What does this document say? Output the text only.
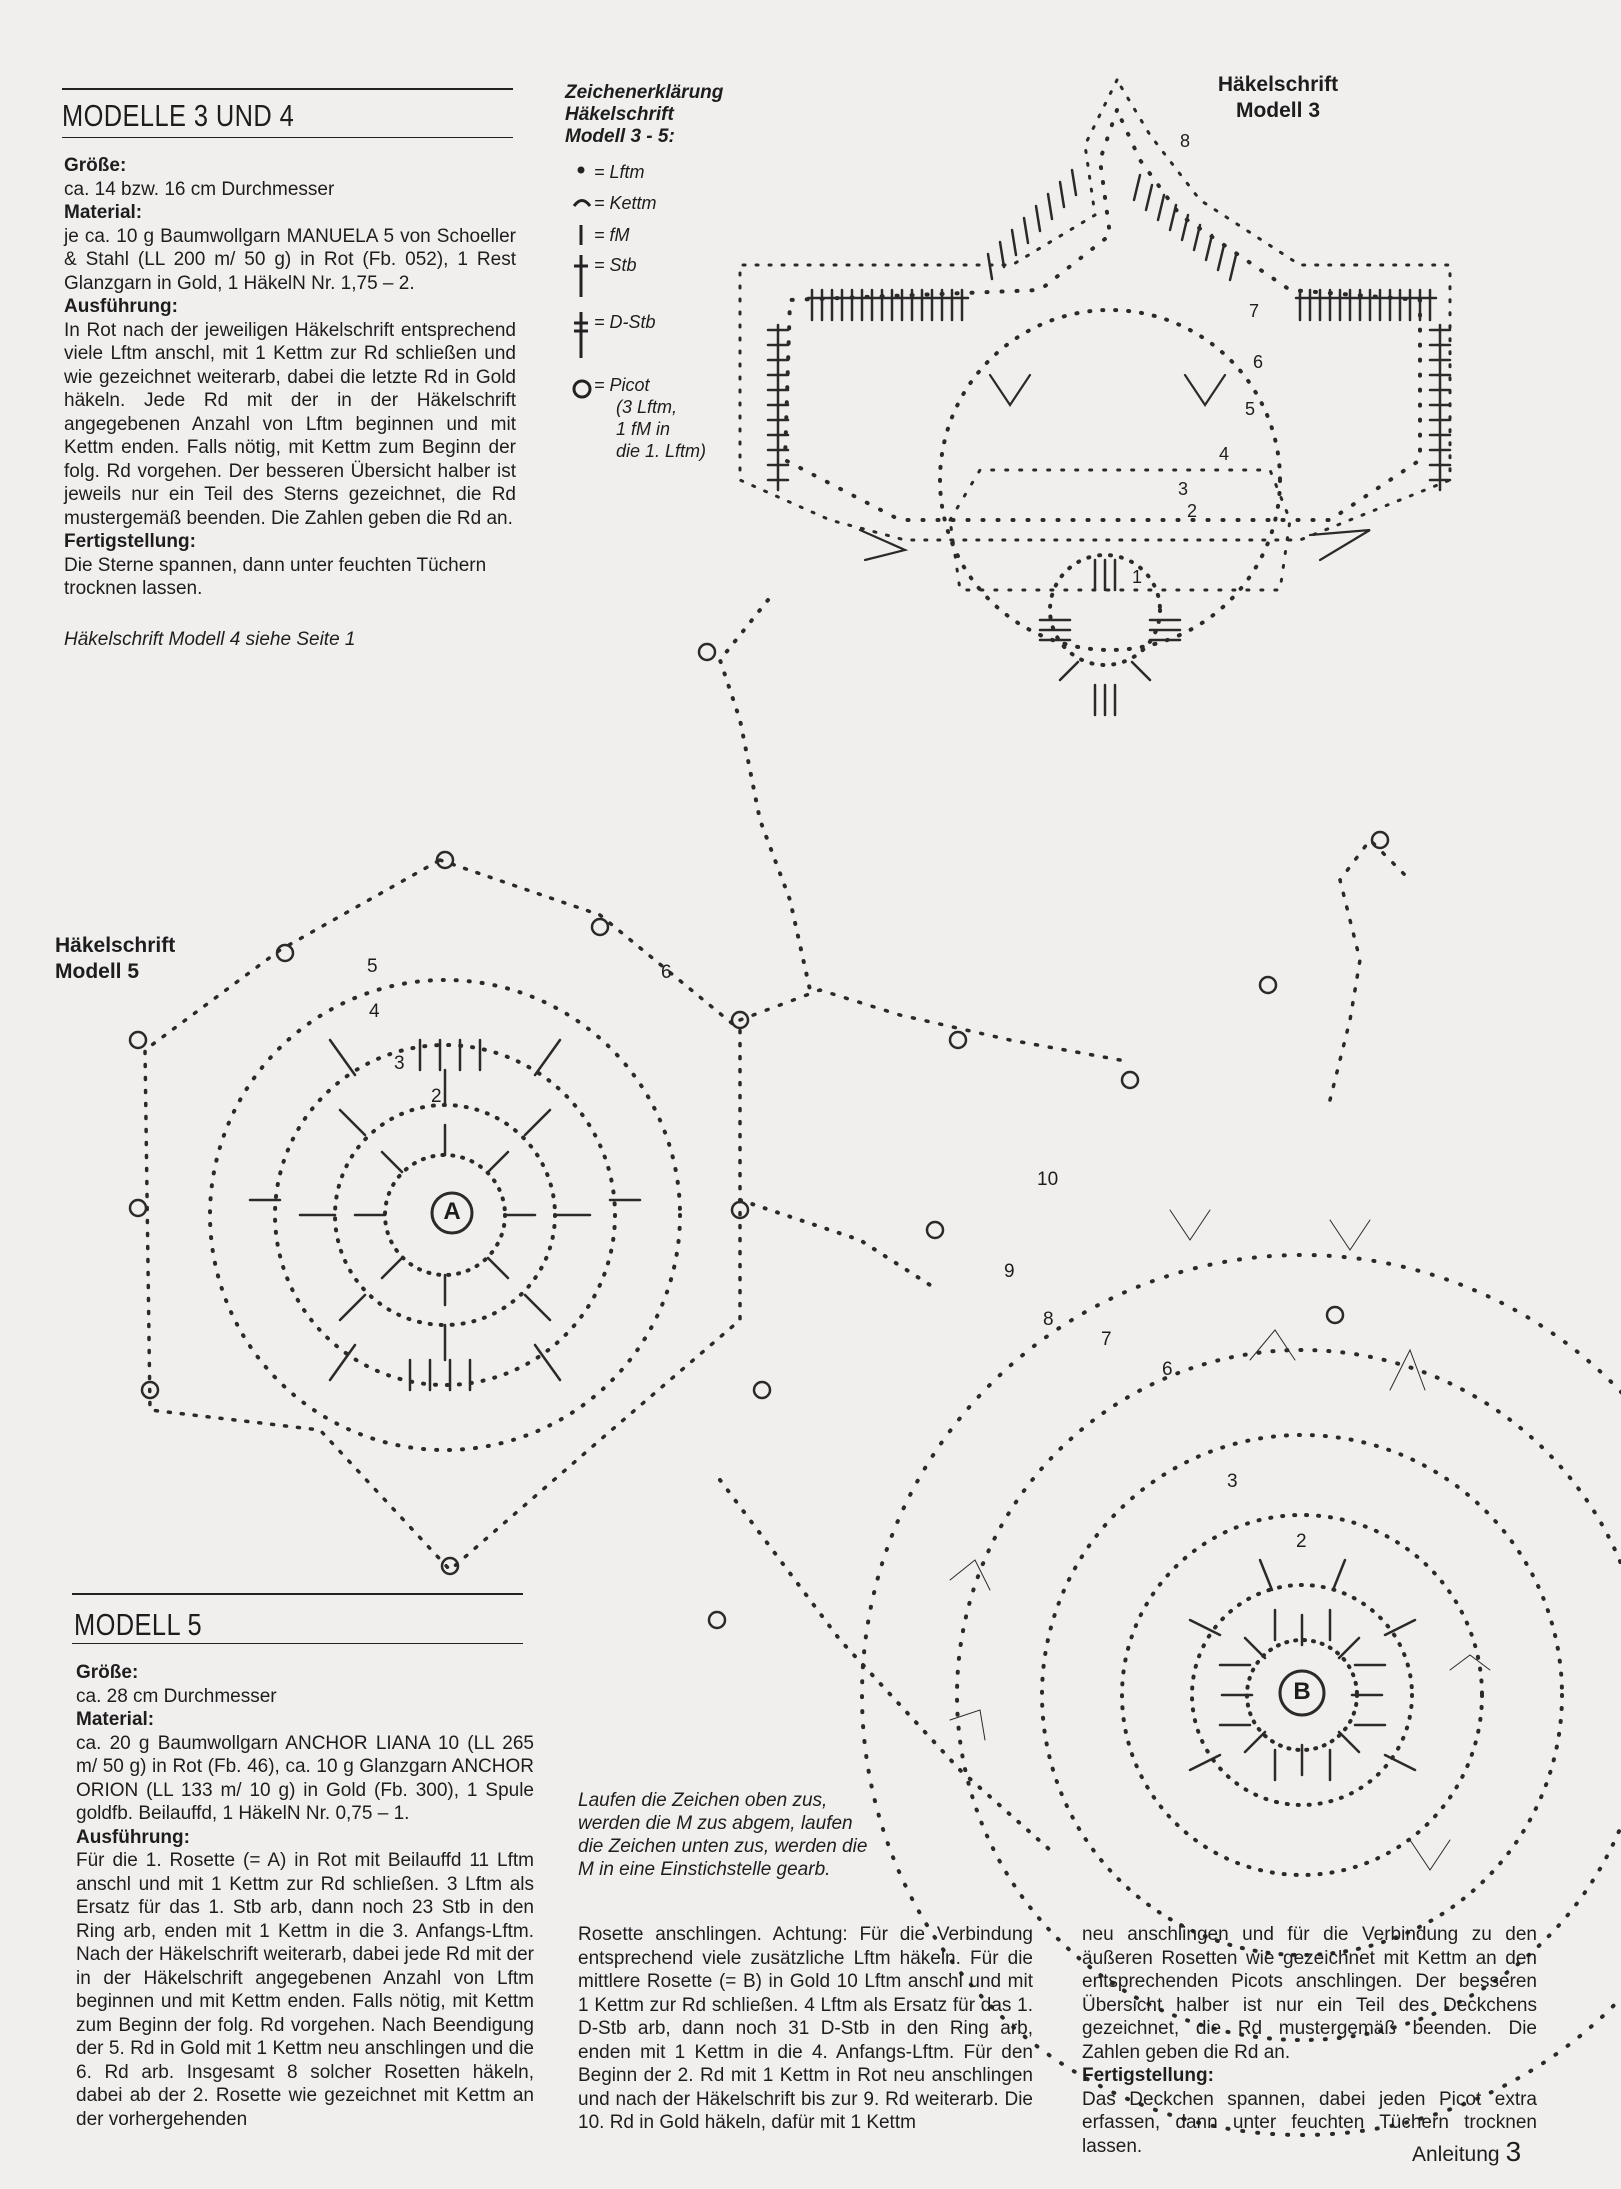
MODELLE 3 UND 4
Größe:

ca. 14 bzw. 16 cm Durchmesser

Material:

je ca. 10 g Baumwollgarn MANUELA 5 von Schoeller & Stahl (LL 200 m/ 50 g) in Rot (Fb. 052), 1 Rest Glanzgarn in Gold, 1 HäkelN Nr. 1,75 – 2.

Ausführung:

In Rot nach der jeweiligen Häkelschrift entsprechend viele Lftm anschl, mit 1 Kettm zur Rd schließen und wie gezeichnet weiterarb, dabei die letzte Rd in Gold häkeln. Jede Rd mit der in der Häkelschrift angegebenen Anzahl von Lftm beginnen und mit Kettm enden. Falls nötig, mit Kettm zum Beginn der folg. Rd vorgehen. Der besseren Übersicht halber ist jeweils nur ein Teil des Sterns gezeichnet, die Rd mustergemäß beenden. Die Zahlen geben die Rd an.

Fertigstellung:

Die Sterne spannen, dann unter feuchten Tüchern trocknen lassen.

Häkelschrift Modell 4 siehe Seite 1
Zeichenerklärung
Häkelschrift
Modell 3 - 5:
= Lftm
= Kettm
= fM
= Stb
= D-Stb
= Picot
(3 Lftm,
1 fM in
die 1. Lftm)
Häkelschrift
Modell 3
1
2
3
4
5
6
7
8
Häkelschrift
Modell 5
A
B
2
3
4
5	6
2
3
6
7
8
9
10
Laufen die Zeichen oben zus, werden die M zus abgem, laufen die Zeichen unten zus, werden die M in eine Einstichstelle gearb.
MODELL 5
Größe:

ca. 28 cm Durchmesser

Material:

ca. 20 g Baumwollgarn ANCHOR LIANA 10 (LL 265 m/ 50 g) in Rot (Fb. 46), ca. 10 g Glanzgarn ANCHOR ORION (LL 133 m/ 10 g) in Gold (Fb. 300), 1 Spule goldfb. Beilauffd, 1 HäkelN Nr. 0,75 – 1.

Ausführung:

Für die 1. Rosette (= A) in Rot mit Beilauffd 11 Lftm anschl und mit 1 Kettm zur Rd schließen. 3 Lftm als Ersatz für das 1. Stb arb, dann noch 23 Stb in den Ring arb, enden mit 1 Kettm in die 3. Anfangs-Lftm. Nach der Häkelschrift weiterarb, dabei jede Rd mit der in der Häkelschrift angegebenen Anzahl von Lftm beginnen und mit Kettm enden. Falls nötig, mit Kettm zum Beginn der folg. Rd vorgehen. Nach Beendigung der 5. Rd in Gold mit 1 Kettm neu anschlingen und die 6. Rd arb. Insgesamt 8 solcher Rosetten häkeln, dabei ab der 2. Rosette wie gezeichnet mit Kettm an der vorhergehenden

Rosette anschlingen. Achtung: Für die Verbindung entsprechend viele zusätzliche Lftm häkeln. Für die mittlere Rosette (= B) in Gold 10 Lftm anschl und mit 1 Kettm zur Rd schließen. 4 Lftm als Ersatz für das 1. D-Stb arb, dann noch 31 D-Stb in den Ring arb, enden mit 1 Kettm in die 4. Anfangs-Lftm. Für den Beginn der 2. Rd mit 1 Kettm in Rot neu anschlingen und nach der Häkelschrift bis zur 9. Rd weiterarb. Die 10. Rd in Gold häkeln, dafür mit 1 Kettm

neu anschlingen und für die Verbindung zu den äußeren Rosetten wie gezeichnet mit Kettm an den entsprechenden Picots anschlingen. Der besseren Übersicht halber ist nur ein Teil des Deckchens gezeichnet, die Rd mustergemäß beenden. Die Zahlen geben die Rd an.

Fertigstellung:

Das Deckchen spannen, dabei jeden Picot extra erfassen, dann unter feuchten Tüchern trocknen lassen.	Anleitung 3
